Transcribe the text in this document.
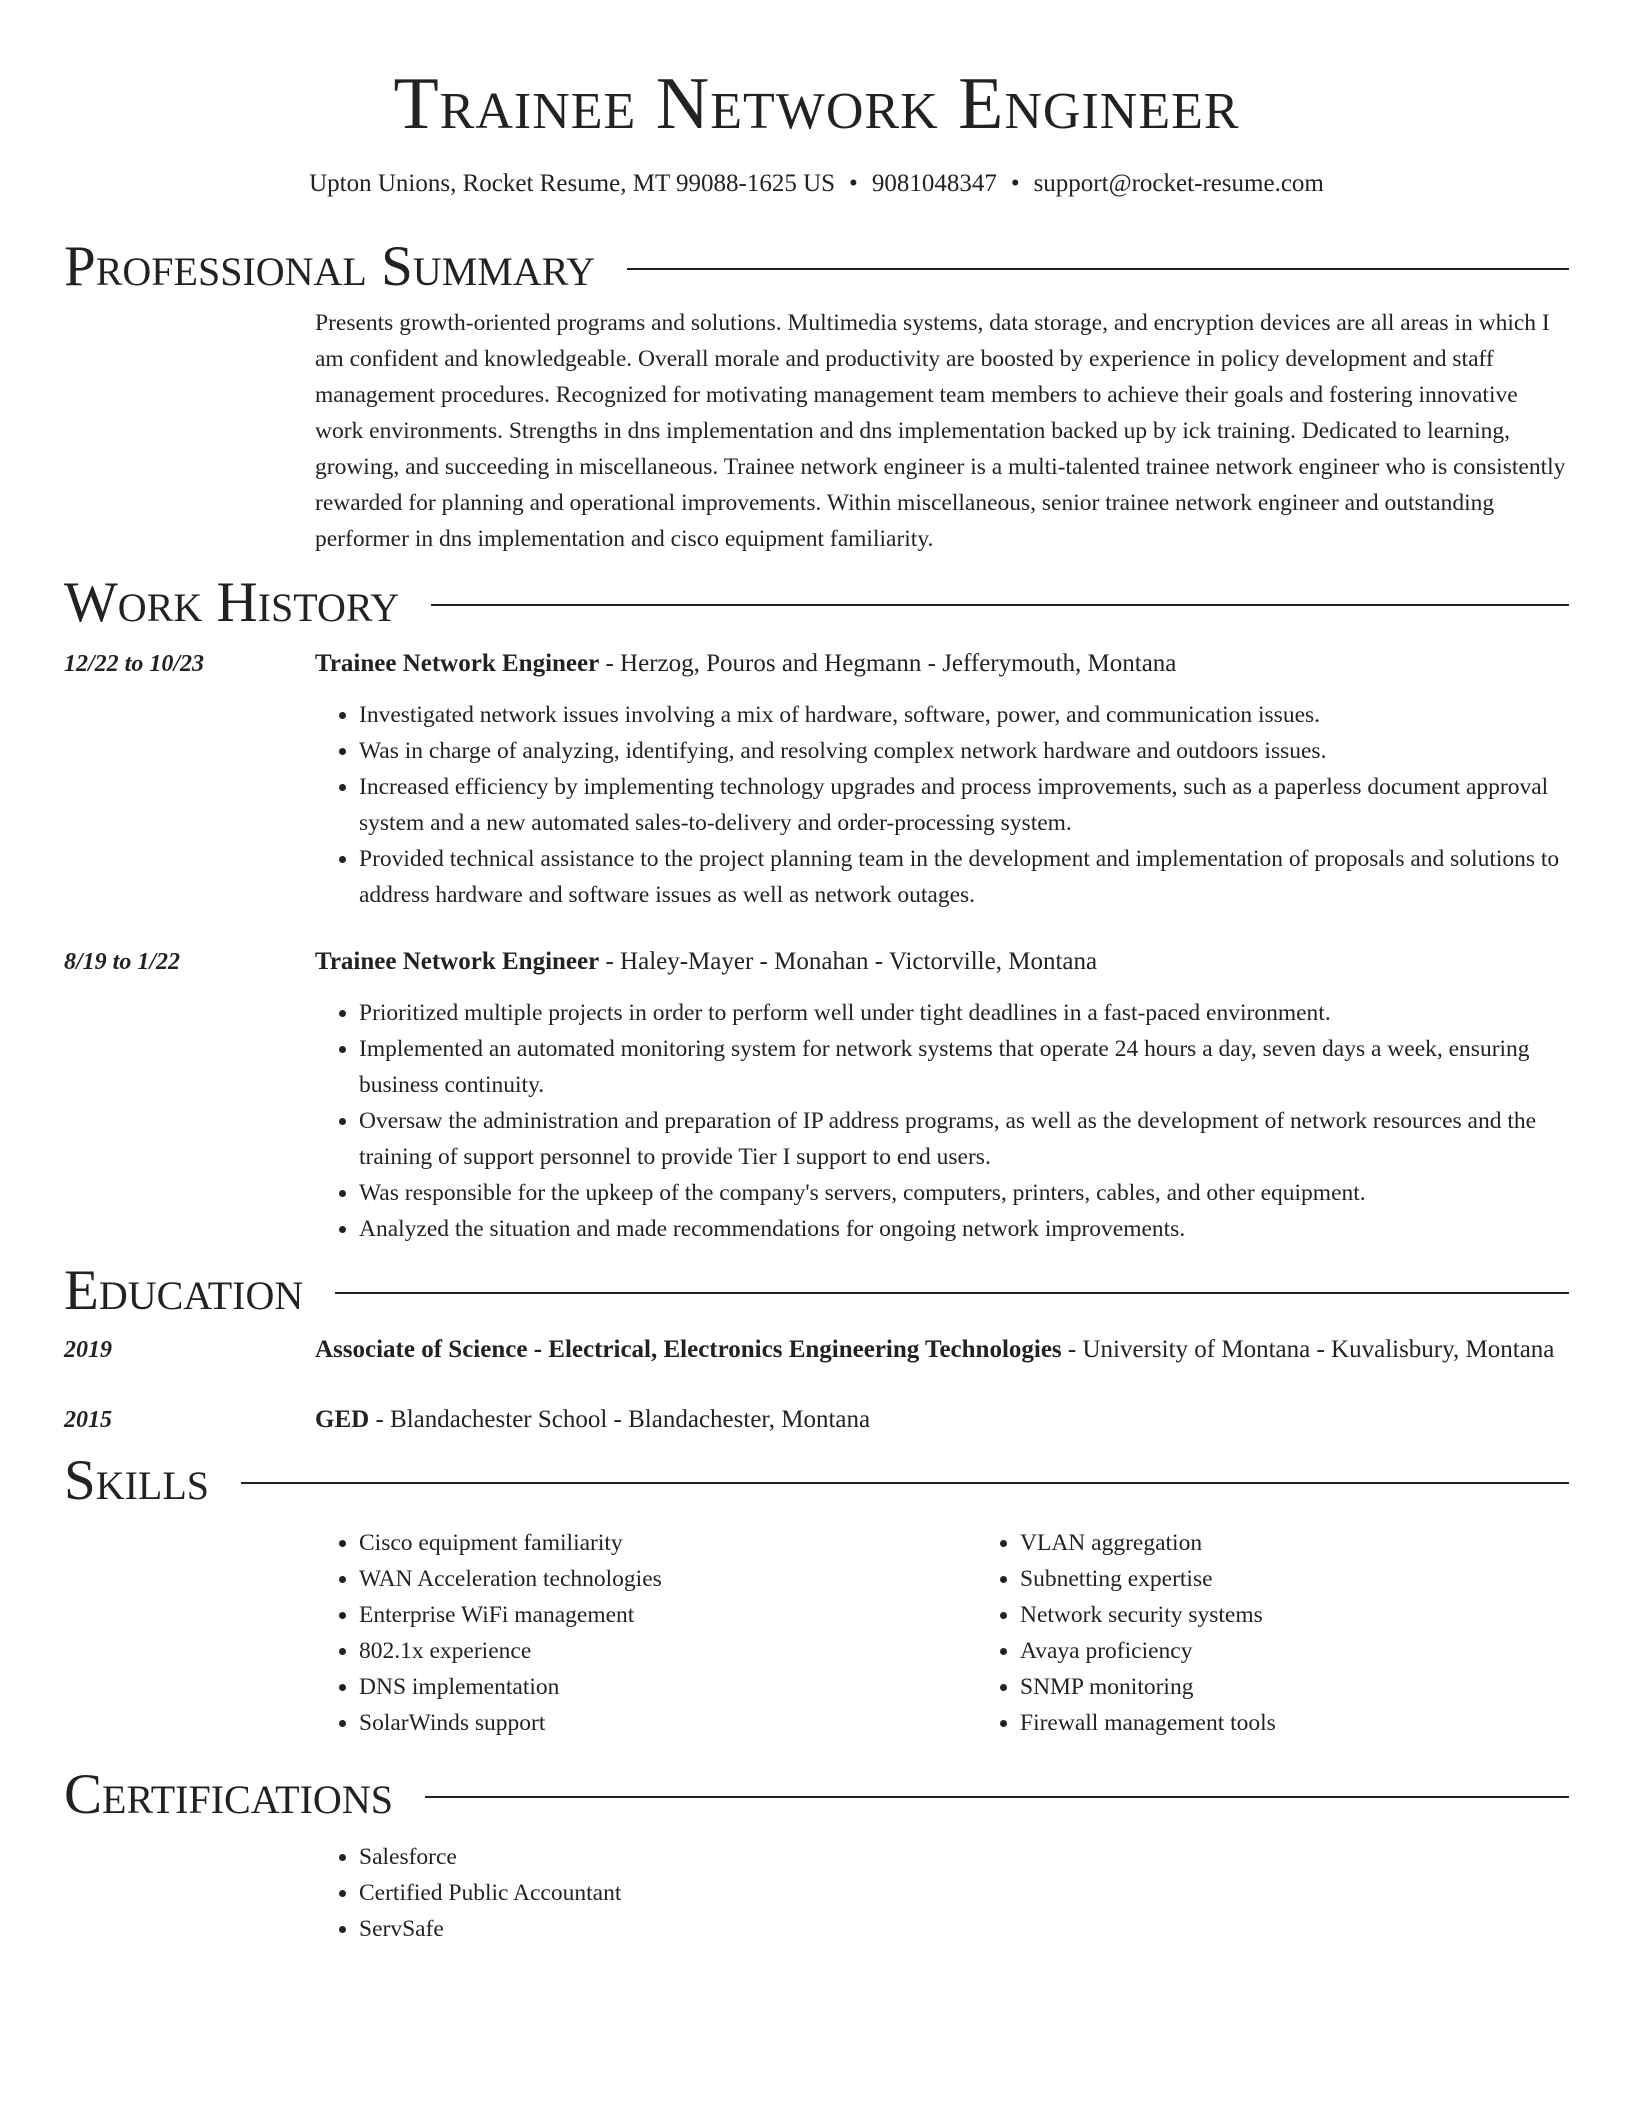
Trainee Network Engineer
Upton Unions, Rocket Resume, MT 99088-1625 US • 9081048347 • support@rocket-resume.com
Professional Summary

Presents growth-oriented programs and solutions. Multimedia systems, data storage, and encryption devices are all areas in which I am confident and knowledgeable. Overall morale and productivity are boosted by experience in policy development and staff management procedures. Recognized for motivating management team members to achieve their goals and fostering innovative work environments. Strengths in dns implementation and dns implementation backed up by ick training. Dedicated to learning, growing, and succeeding in miscellaneous. Trainee network engineer is a multi-talented trainee network engineer who is consistently rewarded for planning and operational improvements. Within miscellaneous, senior trainee network engineer and outstanding performer in dns implementation and cisco equipment familiarity.

Work History
12/22 to 10/23	Trainee Network Engineer - Herzog, Pouros and Hegmann - Jefferymouth, Montana
• Investigated network issues involving a mix of hardware, software, power, and communication issues.
• Was in charge of analyzing, identifying, and resolving complex network hardware and outdoors issues.
• Increased efficiency by implementing technology upgrades and process improvements, such as a paperless document approval system and a new automated sales-to-delivery and order-processing system.
• Provided technical assistance to the project planning team in the development and implementation of proposals and solutions to address hardware and software issues as well as network outages.
8/19 to 1/22	Trainee Network Engineer - Haley-Mayer - Monahan - Victorville, Montana
• Prioritized multiple projects in order to perform well under tight deadlines in a fast-paced environment.
• Implemented an automated monitoring system for network systems that operate 24 hours a day, seven days a week, ensuring business continuity.
• Oversaw the administration and preparation of IP address programs, as well as the development of network resources and the training of support personnel to provide Tier I support to end users.
• Was responsible for the upkeep of the company's servers, computers, printers, cables, and other equipment.
• Analyzed the situation and made recommendations for ongoing network improvements.
Education
2019	Associate of Science - Electrical, Electronics Engineering Technologies - University of Montana - Kuvalisbury, Montana
2015	GED - Blandachester School - Blandachester, Montana
Skills
• Cisco equipment familiarity
• WAN Acceleration technologies
• Enterprise WiFi management
• 802.1x experience
• DNS implementation
• SolarWinds support
• VLAN aggregation
• Subnetting expertise
• Network security systems
• Avaya proficiency
• SNMP monitoring
• Firewall management tools
Certifications
• Salesforce
• Certified Public Accountant
• ServSafe
